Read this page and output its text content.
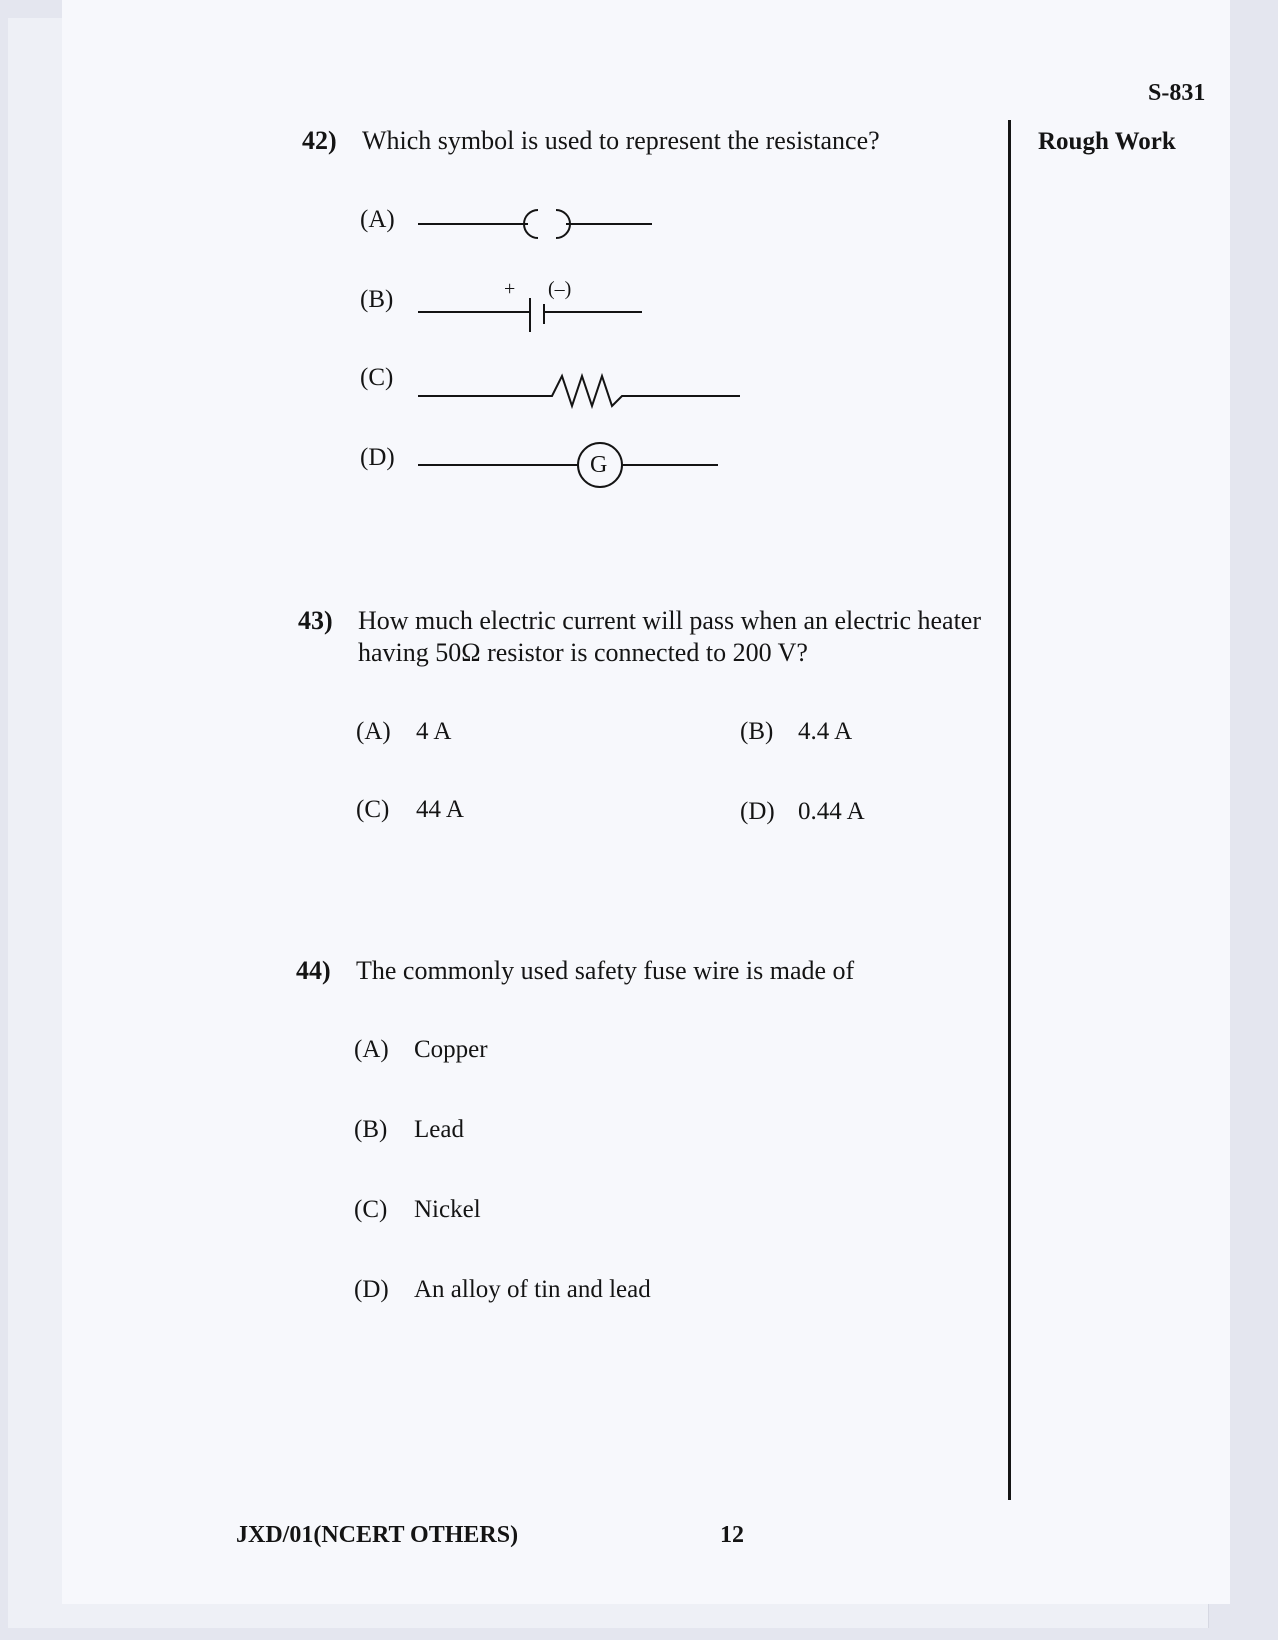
S-831
Rough Work
42) Which symbol is used to represent the resistance?
(A)
(B)	+ (–)
(C)
(D)	G
43) How much electric current will pass when an electric heater
having 50Ω resistor is connected to 200 V?
(A) 4 A	(B) 4.4 A
(C) 44 A	(D) 0.44 A
44) The commonly used safety fuse wire is made of
(A) Copper
(B) Lead
(C) Nickel
(D) An alloy of tin and lead
JXD/01(NCERT OTHERS)	12
